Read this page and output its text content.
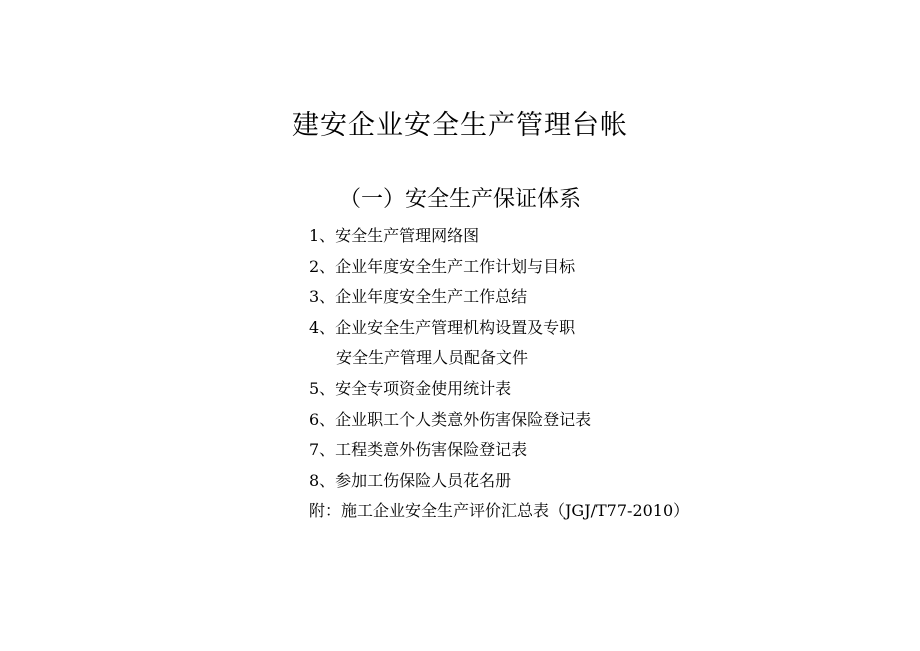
建安企业安全生产管理台帐
（一）安全生产保证体系
1、安全生产管理网络图
2、企业年度安全生产工作计划与目标
3、企业年度安全生产工作总结
4、企业安全生产管理机构设置及专职
安全生产管理人员配备文件
5、安全专项资金使用统计表
6、企业职工个人类意外伤害保险登记表
7、工程类意外伤害保险登记表
8、参加工伤保险人员花名册
附：施工企业安全生产评价汇总表（JGJ/T77-2010）
